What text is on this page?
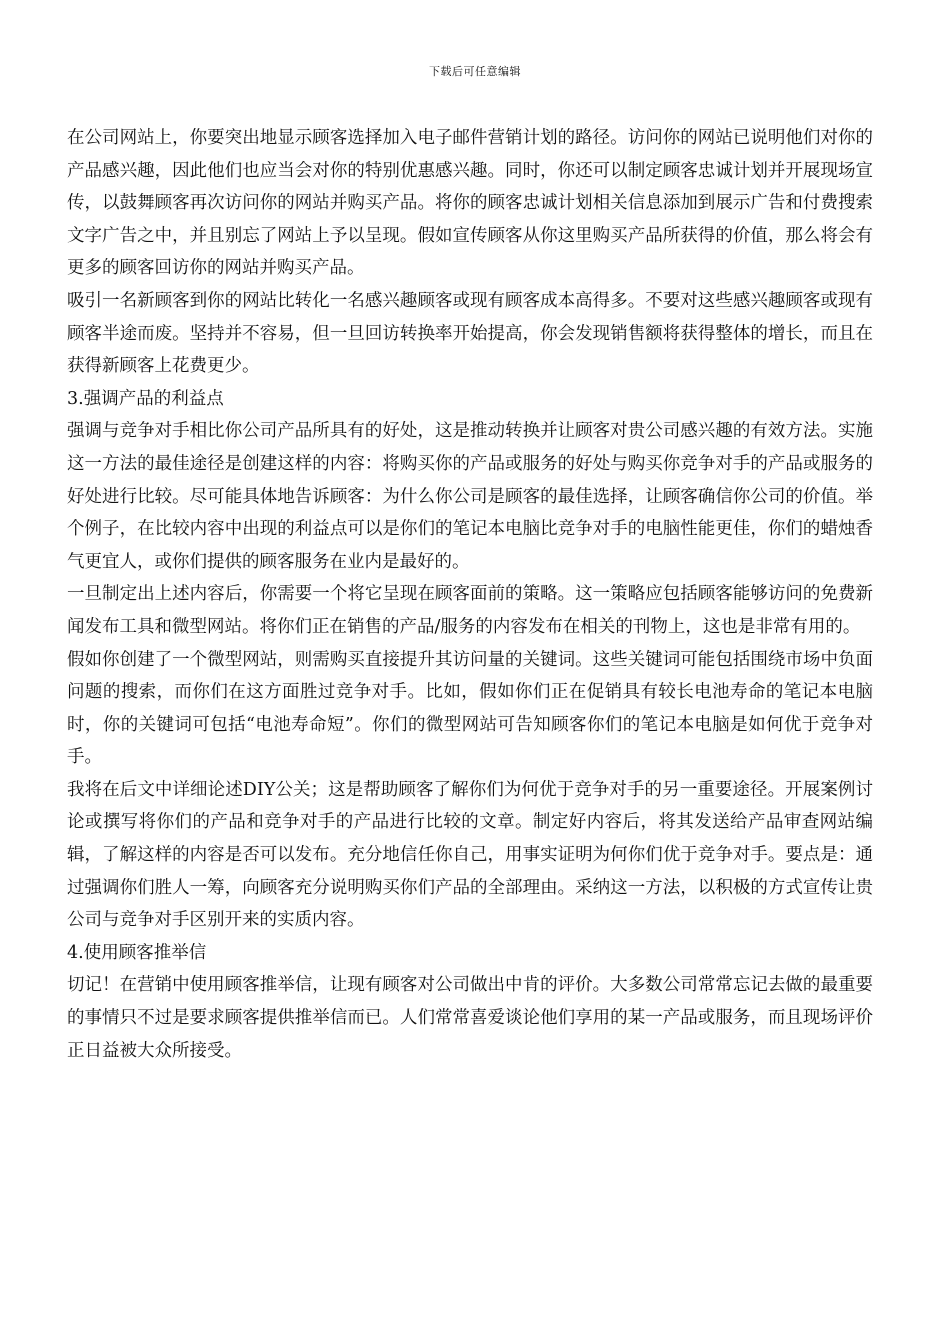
下载后可任意编辑

在公司网站上，你要突出地显示顾客选择加入电子邮件营销计划的路径。访问你的网站已说明他们对你的产品感兴趣，因此他们也应当会对你的特别优惠感兴趣。同时，你还可以制定顾客忠诚计划并开展现场宣传，以鼓舞顾客再次访问你的网站并购买产品。将你的顾客忠诚计划相关信息添加到展示广告和付费搜索文字广告之中，并且别忘了网站上予以呈现。假如宣传顾客从你这里购买产品所获得的价值，那么将会有更多的顾客回访你的网站并购买产品。

吸引一名新顾客到你的网站比转化一名感兴趣顾客或现有顾客成本高得多。不要对这些感兴趣顾客或现有顾客半途而废。坚持并不容易，但一旦回访转换率开始提高，你会发现销售额将获得整体的增长，而且在获得新顾客上花费更少。

3.强调产品的利益点

强调与竞争对手相比你公司产品所具有的好处，这是推动转换并让顾客对贵公司感兴趣的有效方法。实施这一方法的最佳途径是创建这样的内容：将购买你的产品或服务的好处与购买你竞争对手的产品或服务的好处进行比较。尽可能具体地告诉顾客：为什么你公司是顾客的最佳选择，让顾客确信你公司的价值。举个例子，在比较内容中出现的利益点可以是你们的笔记本电脑比竞争对手的电脑性能更佳，你们的蜡烛香气更宜人，或你们提供的顾客服务在业内是最好的。

一旦制定出上述内容后，你需要一个将它呈现在顾客面前的策略。这一策略应包括顾客能够访问的免费新闻发布工具和微型网站。将你们正在销售的产品/服务的内容发布在相关的刊物上，这也是非常有用的。

假如你创建了一个微型网站，则需购买直接提升其访问量的关键词。这些关键词可能包括围绕市场中负面问题的搜索，而你们在这方面胜过竞争对手。比如，假如你们正在促销具有较长电池寿命的笔记本电脑时，你的关键词可包括“电池寿命短”。你们的微型网站可告知顾客你们的笔记本电脑是如何优于竞争对手。

我将在后文中详细论述DIY公关；这是帮助顾客了解你们为何优于竞争对手的另一重要途径。开展案例讨论或撰写将你们的产品和竞争对手的产品进行比较的文章。制定好内容后，将其发送给产品审查网站编辑，了解这样的内容是否可以发布。充分地信任你自己，用事实证明为何你们优于竞争对手。要点是：通过强调你们胜人一筹，向顾客充分说明购买你们产品的全部理由。采纳这一方法，以积极的方式宣传让贵公司与竞争对手区别开来的实质内容。

4.使用顾客推举信

切记！在营销中使用顾客推举信，让现有顾客对公司做出中肯的评价。大多数公司常常忘记去做的最重要的事情只不过是要求顾客提供推举信而已。人们常常喜爱谈论他们享用的某一产品或服务，而且现场评价正日益被大众所接受。
